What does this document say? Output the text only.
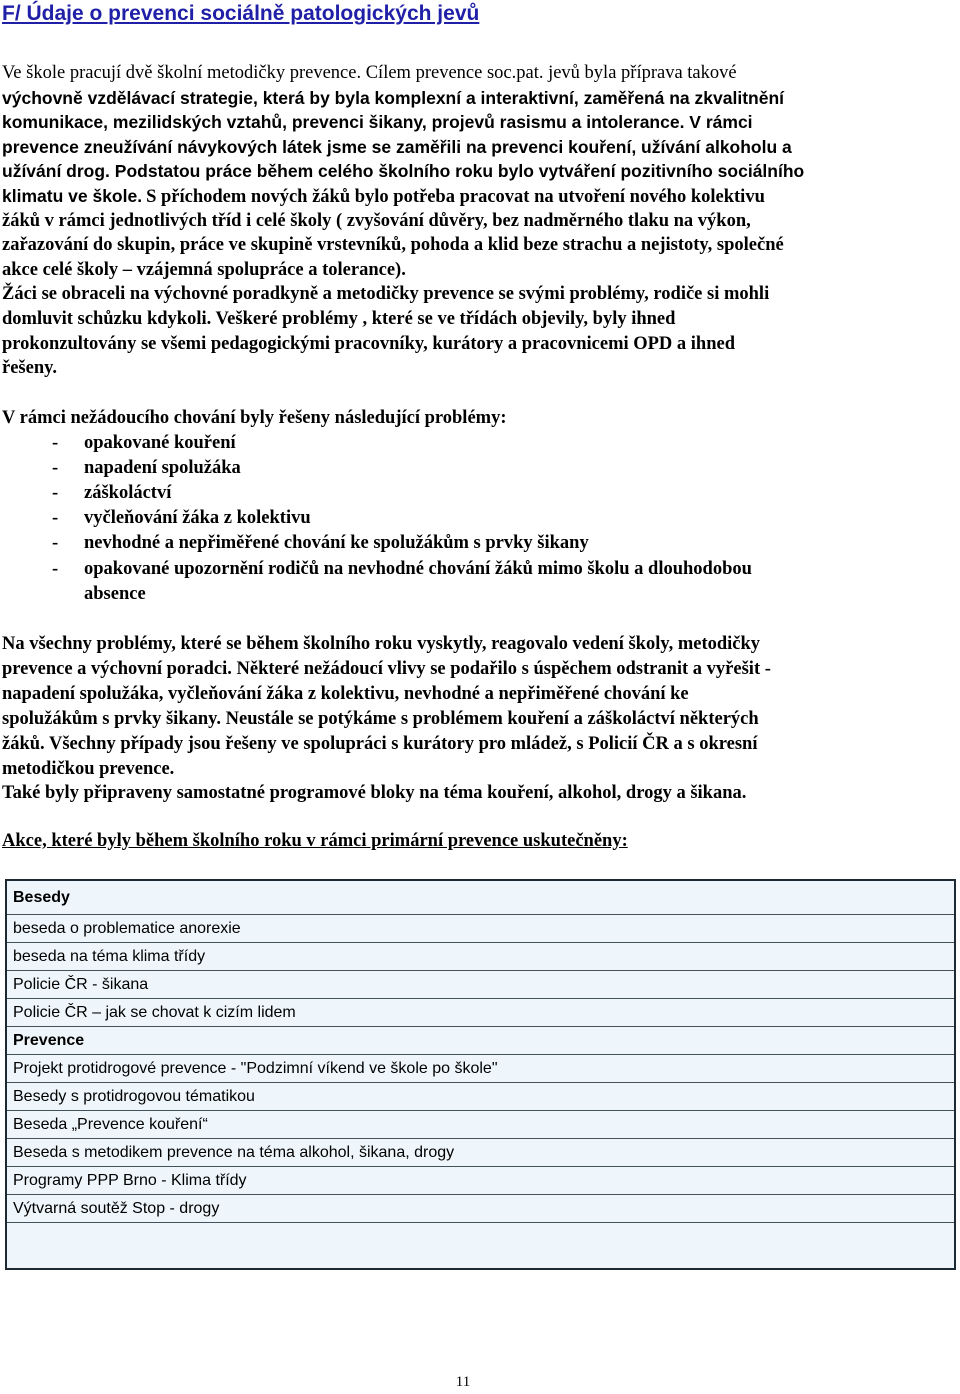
F/ Údaje o prevenci sociálně patologických jevů
Ve škole pracují dvě školní metodičky prevence. Cílem prevence soc.pat. jevů byla příprava takové
výchovně vzdělávací strategie, která by byla komplexní a interaktivní, zaměřená na zkvalitnění
komunikace, mezilidských vztahů, prevenci šikany, projevů rasismu a intolerance. V rámci
prevence zneužívání návykových látek jsme se zaměřili na prevenci kouření, užívání alkoholu a
užívání drog. Podstatou práce během celého školního roku bylo vytváření pozitivního sociálního
klimatu ve škole. S příchodem nových žáků bylo potřeba pracovat na utvoření nového kolektivu
žáků v rámci jednotlivých tříd i celé školy ( zvyšování důvěry, bez nadměrného tlaku na výkon,
zařazování do skupin, práce ve skupině vrstevníků, pohoda a klid beze strachu a nejistoty, společné
akce celé školy – vzájemná spolupráce a tolerance).
Žáci se obraceli na výchovné poradkyně a metodičky prevence se svými problémy, rodiče si mohli
domluvit schůzku kdykoli. Veškeré problémy , které se ve třídách objevily, byly ihned
prokonzultovány se všemi pedagogickými pracovníky, kurátory a pracovnicemi OPD a ihned
řešeny.
V rámci nežádoucího chování byly řešeny následující problémy:
- opakované kouření
- napadení spolužáka
- záškoláctví
- vyčleňování žáka z kolektivu
- nevhodné a nepřiměřené chování ke spolužákům s prvky šikany
- opakované upozornění rodičů na nevhodné chování žáků mimo školu a dlouhodobou
absence
Na všechny problémy, které se během školního roku vyskytly, reagovalo vedení školy, metodičky
prevence a výchovní poradci. Některé nežádoucí vlivy se podařilo s úspěchem odstranit a vyřešit -
napadení spolužáka, vyčleňování žáka z kolektivu, nevhodné a nepřiměřené chování ke
spolužákům s prvky šikany. Neustále se potýkáme s problémem kouření a záškoláctví některých
žáků. Všechny případy jsou řešeny ve spolupráci s kurátory pro mládež, s Policií ČR a s okresní
metodičkou prevence.
Také byly připraveny samostatné programové bloky na téma kouření, alkohol, drogy a šikana.
Akce, které byly během školního roku v rámci primární prevence uskutečněny:
Besedy
beseda o problematice anorexie
beseda na téma klima třídy
Policie ČR - šikana
Policie ČR – jak se chovat k cizím lidem
Prevence
Projekt protidrogové prevence - "Podzimní víkend ve škole po škole"
Besedy s protidrogovou tématikou
Beseda „Prevence kouření“
Beseda s metodikem prevence na téma alkohol, šikana, drogy
Programy PPP Brno - Klima třídy
Výtvarná soutěž Stop - drogy

11
